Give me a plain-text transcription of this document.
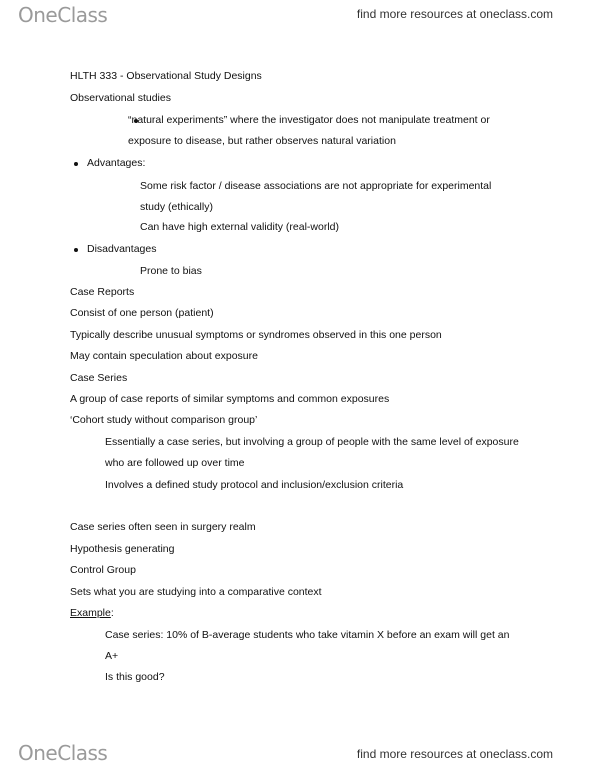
OneClass	find more resources at oneclass.com
HLTH 333 - Observational Study Designs
Observational studies
“natural experiments” where the investigator does not manipulate treatment or
exposure to disease, but rather observes natural variation
Advantages:
Some risk factor / disease associations are not appropriate for experimental
study (ethically)
Can have high external validity (real-world)
Disadvantages
Prone to bias
Case Reports
Consist of one person (patient)
Typically describe unusual symptoms or syndromes observed in this one person
May contain speculation about exposure
Case Series
A group of case reports of similar symptoms and common exposures
‘Cohort study without comparison group’
Essentially a case series, but involving a group of people with the same level of exposure
who are followed up over time
Involves a defined study protocol and inclusion/exclusion criteria
Case series often seen in surgery realm
Hypothesis generating
Control Group
Sets what you are studying into a comparative context
Example:
Case series: 10% of B-average students who take vitamin X before an exam will get an
A+
Is this good?
OneClass	find more resources at oneclass.com
